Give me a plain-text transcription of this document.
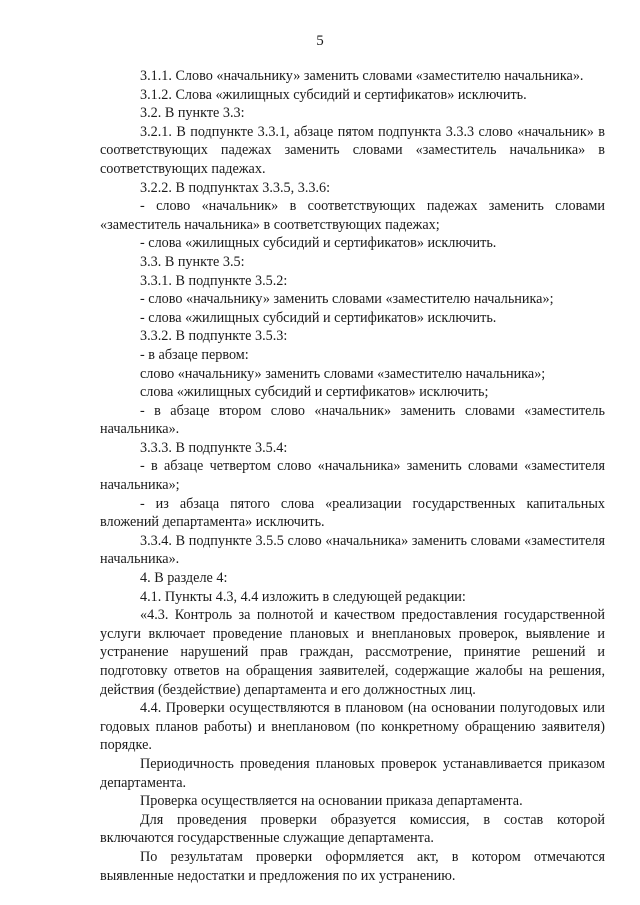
5

3.1.1. Слово «начальнику» заменить словами «заместителю начальника».

3.1.2. Слова «жилищных субсидий и сертификатов» исключить.

3.2. В пункте 3.3:

3.2.1. В подпункте 3.3.1, абзаце пятом подпункта 3.3.3 слово «начальник» в соответствующих падежах заменить словами «заместитель начальника» в соответствующих падежах.

3.2.2. В подпунктах 3.3.5, 3.3.6:

- слово «начальник» в соответствующих падежах заменить словами «заместитель начальника» в соответствующих падежах;

- слова «жилищных субсидий и сертификатов» исключить.

3.3. В пункте 3.5:

3.3.1. В подпункте 3.5.2:

- слово «начальнику» заменить словами «заместителю начальника»;

- слова «жилищных субсидий и сертификатов» исключить.

3.3.2. В подпункте 3.5.3:

- в абзаце первом:

слово «начальнику» заменить словами «заместителю начальника»;

слова «жилищных субсидий и сертификатов» исключить;

- в абзаце втором слово «начальник» заменить словами «заместитель начальника».

3.3.3. В подпункте 3.5.4:

- в абзаце четвертом слово «начальника» заменить словами «заместителя начальника»;

- из абзаца пятого слова «реализации государственных капитальных вложений департамента» исключить.

3.3.4. В подпункте 3.5.5 слово «начальника» заменить словами «заместителя начальника».

4. В разделе 4:

4.1. Пункты 4.3, 4.4 изложить в следующей редакции:

«4.3. Контроль за полнотой и качеством предоставления государственной услуги включает проведение плановых и внеплановых проверок, выявление и устранение нарушений прав граждан, рассмотрение, принятие решений и подготовку ответов на обращения заявителей, содержащие жалобы на решения, действия (бездействие) департамента и его должностных лиц.

4.4. Проверки осуществляются в плановом (на основании полугодовых или годовых планов работы) и внеплановом (по конкретному обращению заявителя) порядке.

Периодичность проведения плановых проверок устанавливается приказом департамента.

Проверка осуществляется на основании приказа департамента.

Для проведения проверки образуется комиссия, в состав которой включаются государственные служащие департамента.

По результатам проверки оформляется акт, в котором отмечаются выявленные недостатки и предложения по их устранению.
